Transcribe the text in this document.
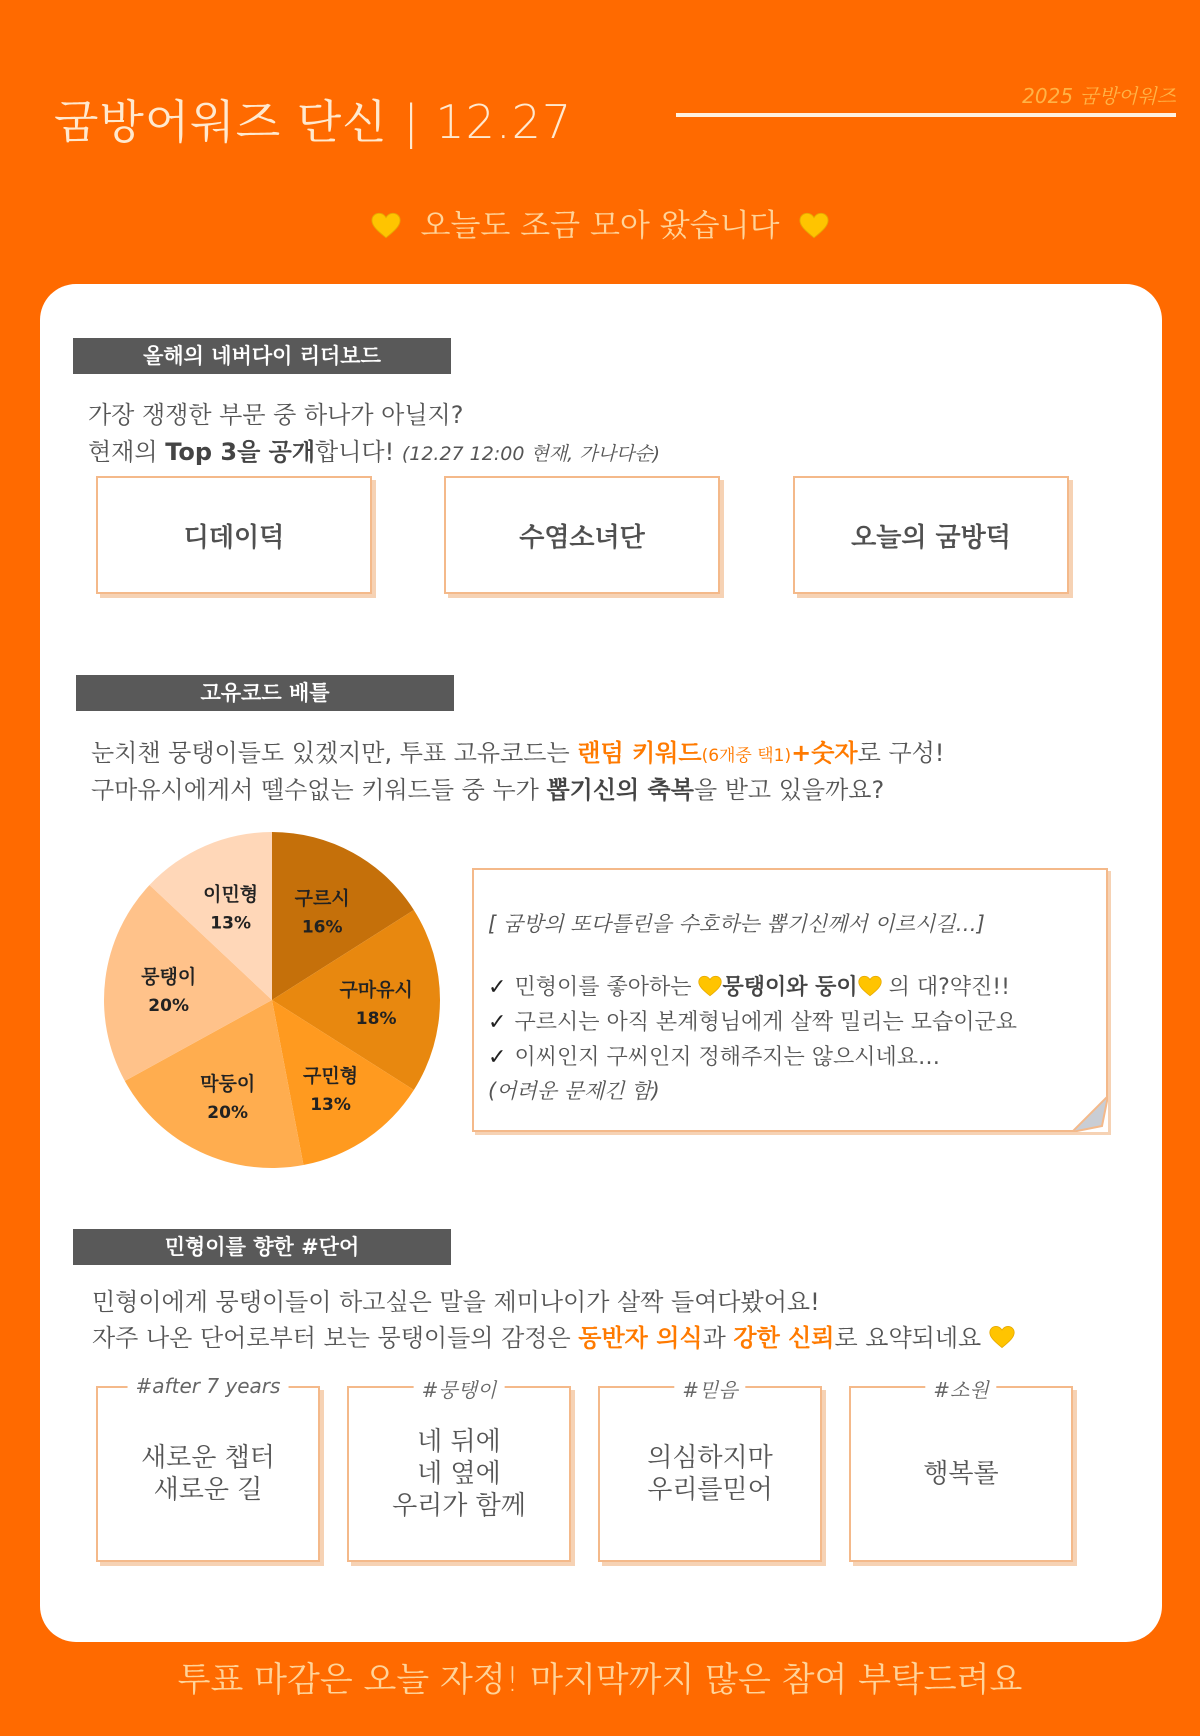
굼방어워즈 단신 | 12.27	2025 굼방어워즈
오늘도 조금 모아 왔습니다
올해의 네버다이 리더보드
가장 쟁쟁한 부문 중 하나가 아닐지?
현재의 Top 3을 공개합니다! (12.27 12:00 현재, 가나다순)
디데이덕	수염소녀단	오늘의 굼방덕
고유코드 배틀
눈치챈 뭉탱이들도 있겠지만, 투표 고유코드는 랜덤 키워드(6개중 택1)+숫자로 구성!
구마유시에게서 뗄수없는 키워드들 중 누가 뽑기신의 축복을 받고 있을까요?
구르시
16%
구마유시
18%
구민형
13%
막둥이
20%
뭉탱이
20%
이민형
13%	[ 굼방의 또다틀린을 수호하는 뽑기신께서 이르시길…]
✓ 민형이를 좋아하는 뭉탱이와 둥이 의 대?약진!!
✓ 구르시는 아직 본계형님에게 살짝 밀리는 모습이군요
✓ 이씨인지 구씨인지 정해주지는 않으시네요…
(어려운 문제긴 함)
민형이를 향한 #단어
민형이에게 뭉탱이들이 하고싶은 말을 제미나이가 살짝 들여다봤어요!
자주 나온 단어로부터 보는 뭉탱이들의 감정은 동반자 의식과 강한 신뢰로 요약되네요
#after 7 years
새로운 챕터
새로운 길
#뭉탱이
네 뒤에
네 옆에
우리가 함께
#믿음
의심하지마
우리를믿어
#소원
행복롤
투표 마감은 오늘 자정! 마지막까지 많은 참여 부탁드려요
